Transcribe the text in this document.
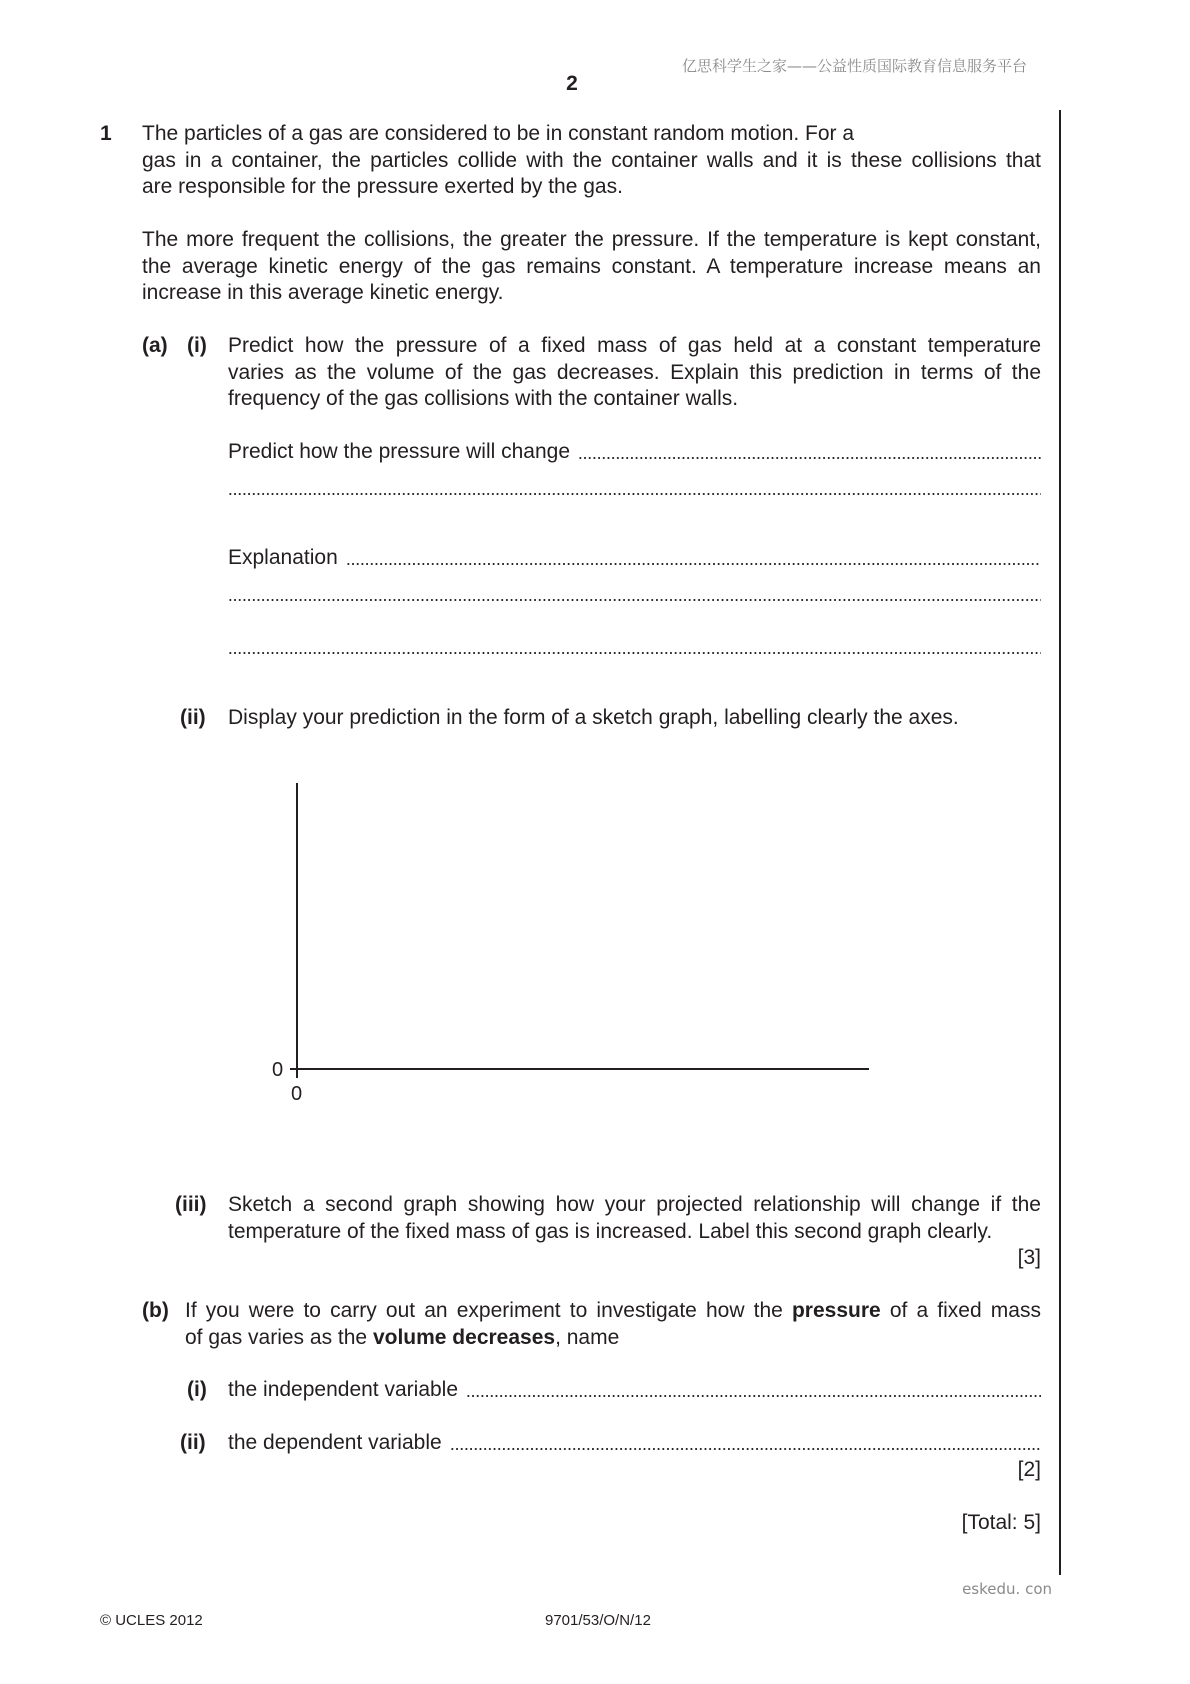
亿思科学生之家——公益性质国际教育信息服务平台
2
1 The particles of a gas are considered to be in constant random motion. For a
gas in a container, the particles collide with the container walls and it is these collisions that
are responsible for the pressure exerted by the gas.
The more frequent the collisions, the greater the pressure. If the temperature is kept constant,
the average kinetic energy of the gas remains constant. A temperature increase means an
increase in this average kinetic energy.
(a) (i) Predict how the pressure of a fixed mass of gas held at a constant temperature
varies as the volume of the gas decreases. Explain this prediction in terms of the
frequency of the gas collisions with the container walls.
Predict how the pressure will change
Explanation
(ii) Display your prediction in the form of a sketch graph, labelling clearly the axes.
0
0
(iii) Sketch a second graph showing how your projected relationship will change if the
temperature of the fixed mass of gas is increased. Label this second graph clearly.
[3]
(b) If you were to carry out an experiment to investigate how the pressure of a fixed mass
of gas varies as the volume decreases, name
(i) the independent variable
(ii) the dependent variable
[2]
[Total: 5]
eskedu. con
© UCLES 2012	9701/53/O/N/12
